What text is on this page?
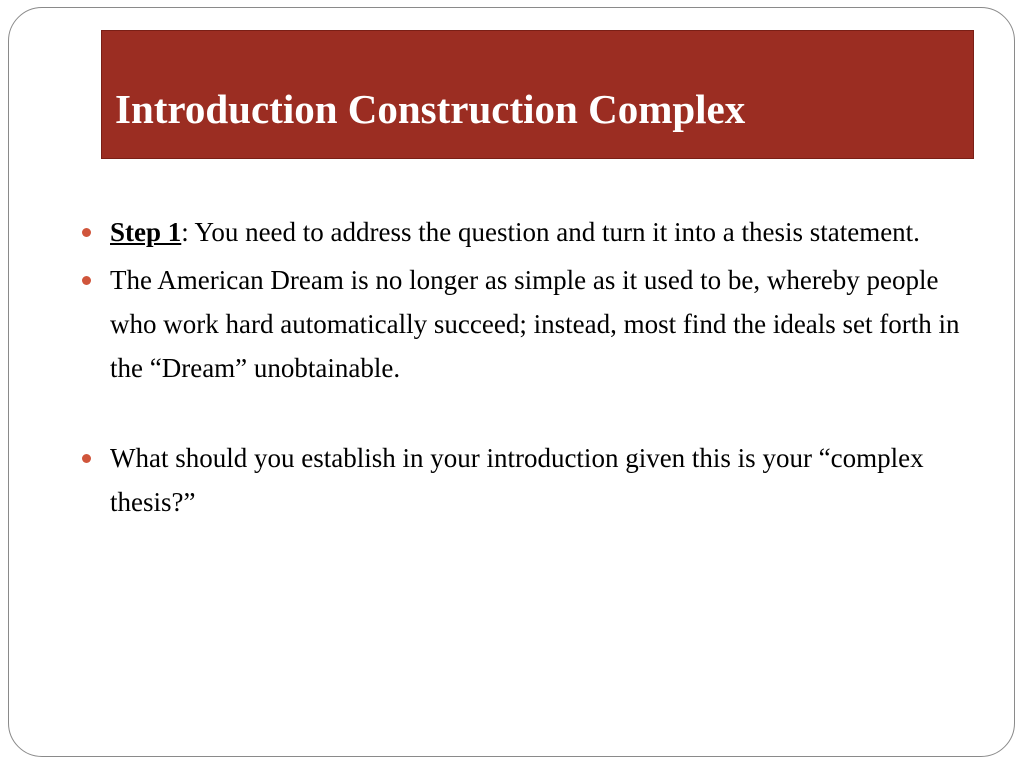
Introduction Construction Complex
Step 1: You need to address the question and turn it into a thesis statement.
The American Dream is no longer as simple as it used to be, whereby people who work hard automatically succeed; instead, most find the ideals set forth in the “Dream” unobtainable.
What should you establish in your introduction given this is your “complex thesis?”
